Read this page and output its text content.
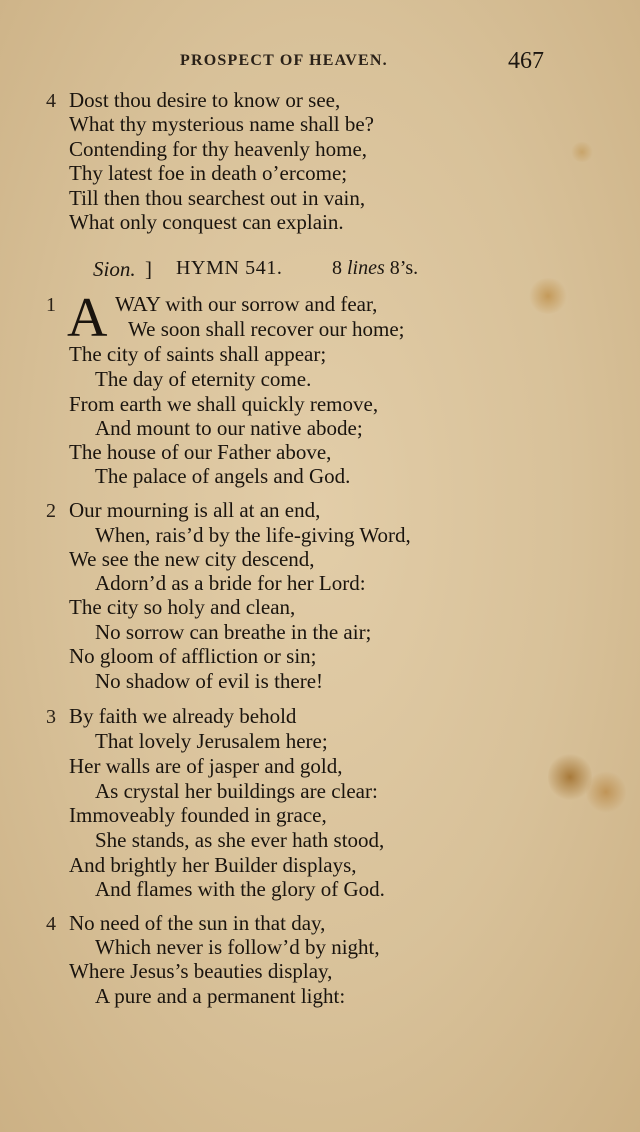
PROSPECT OF HEAVEN.	467
4 Dost thou desire to know or see,
What thy mysterious name shall be?
Contending for thy heavenly home,
Thy latest foe in death o’ercome;
Till then thou searchest out in vain,
What only conquest can explain.
Sion. ] HYMN 541. 8 lines 8’s.
1	WAY with our sorrow and fear,
We soon shall recover our home;
The city of saints shall appear;
The day of eternity come.
From earth we shall quickly remove,
And mount to our native abode;
The house of our Father above,
The palace of angels and God.
A
2 Our mourning is all at an end,
When, rais’d by the life-giving Word,
We see the new city descend,
Adorn’d as a bride for her Lord:
The city so holy and clean,
No sorrow can breathe in the air;
No gloom of affliction or sin;
No shadow of evil is there!
3 By faith we already behold
That lovely Jerusalem here;
Her walls are of jasper and gold,
As crystal her buildings are clear:
Immoveably founded in grace,
She stands, as she ever hath stood,
And brightly her Builder displays,
And flames with the glory of God.
4 No need of the sun in that day,
Which never is follow’d by night,
Where Jesus’s beauties display,
A pure and a permanent light:
